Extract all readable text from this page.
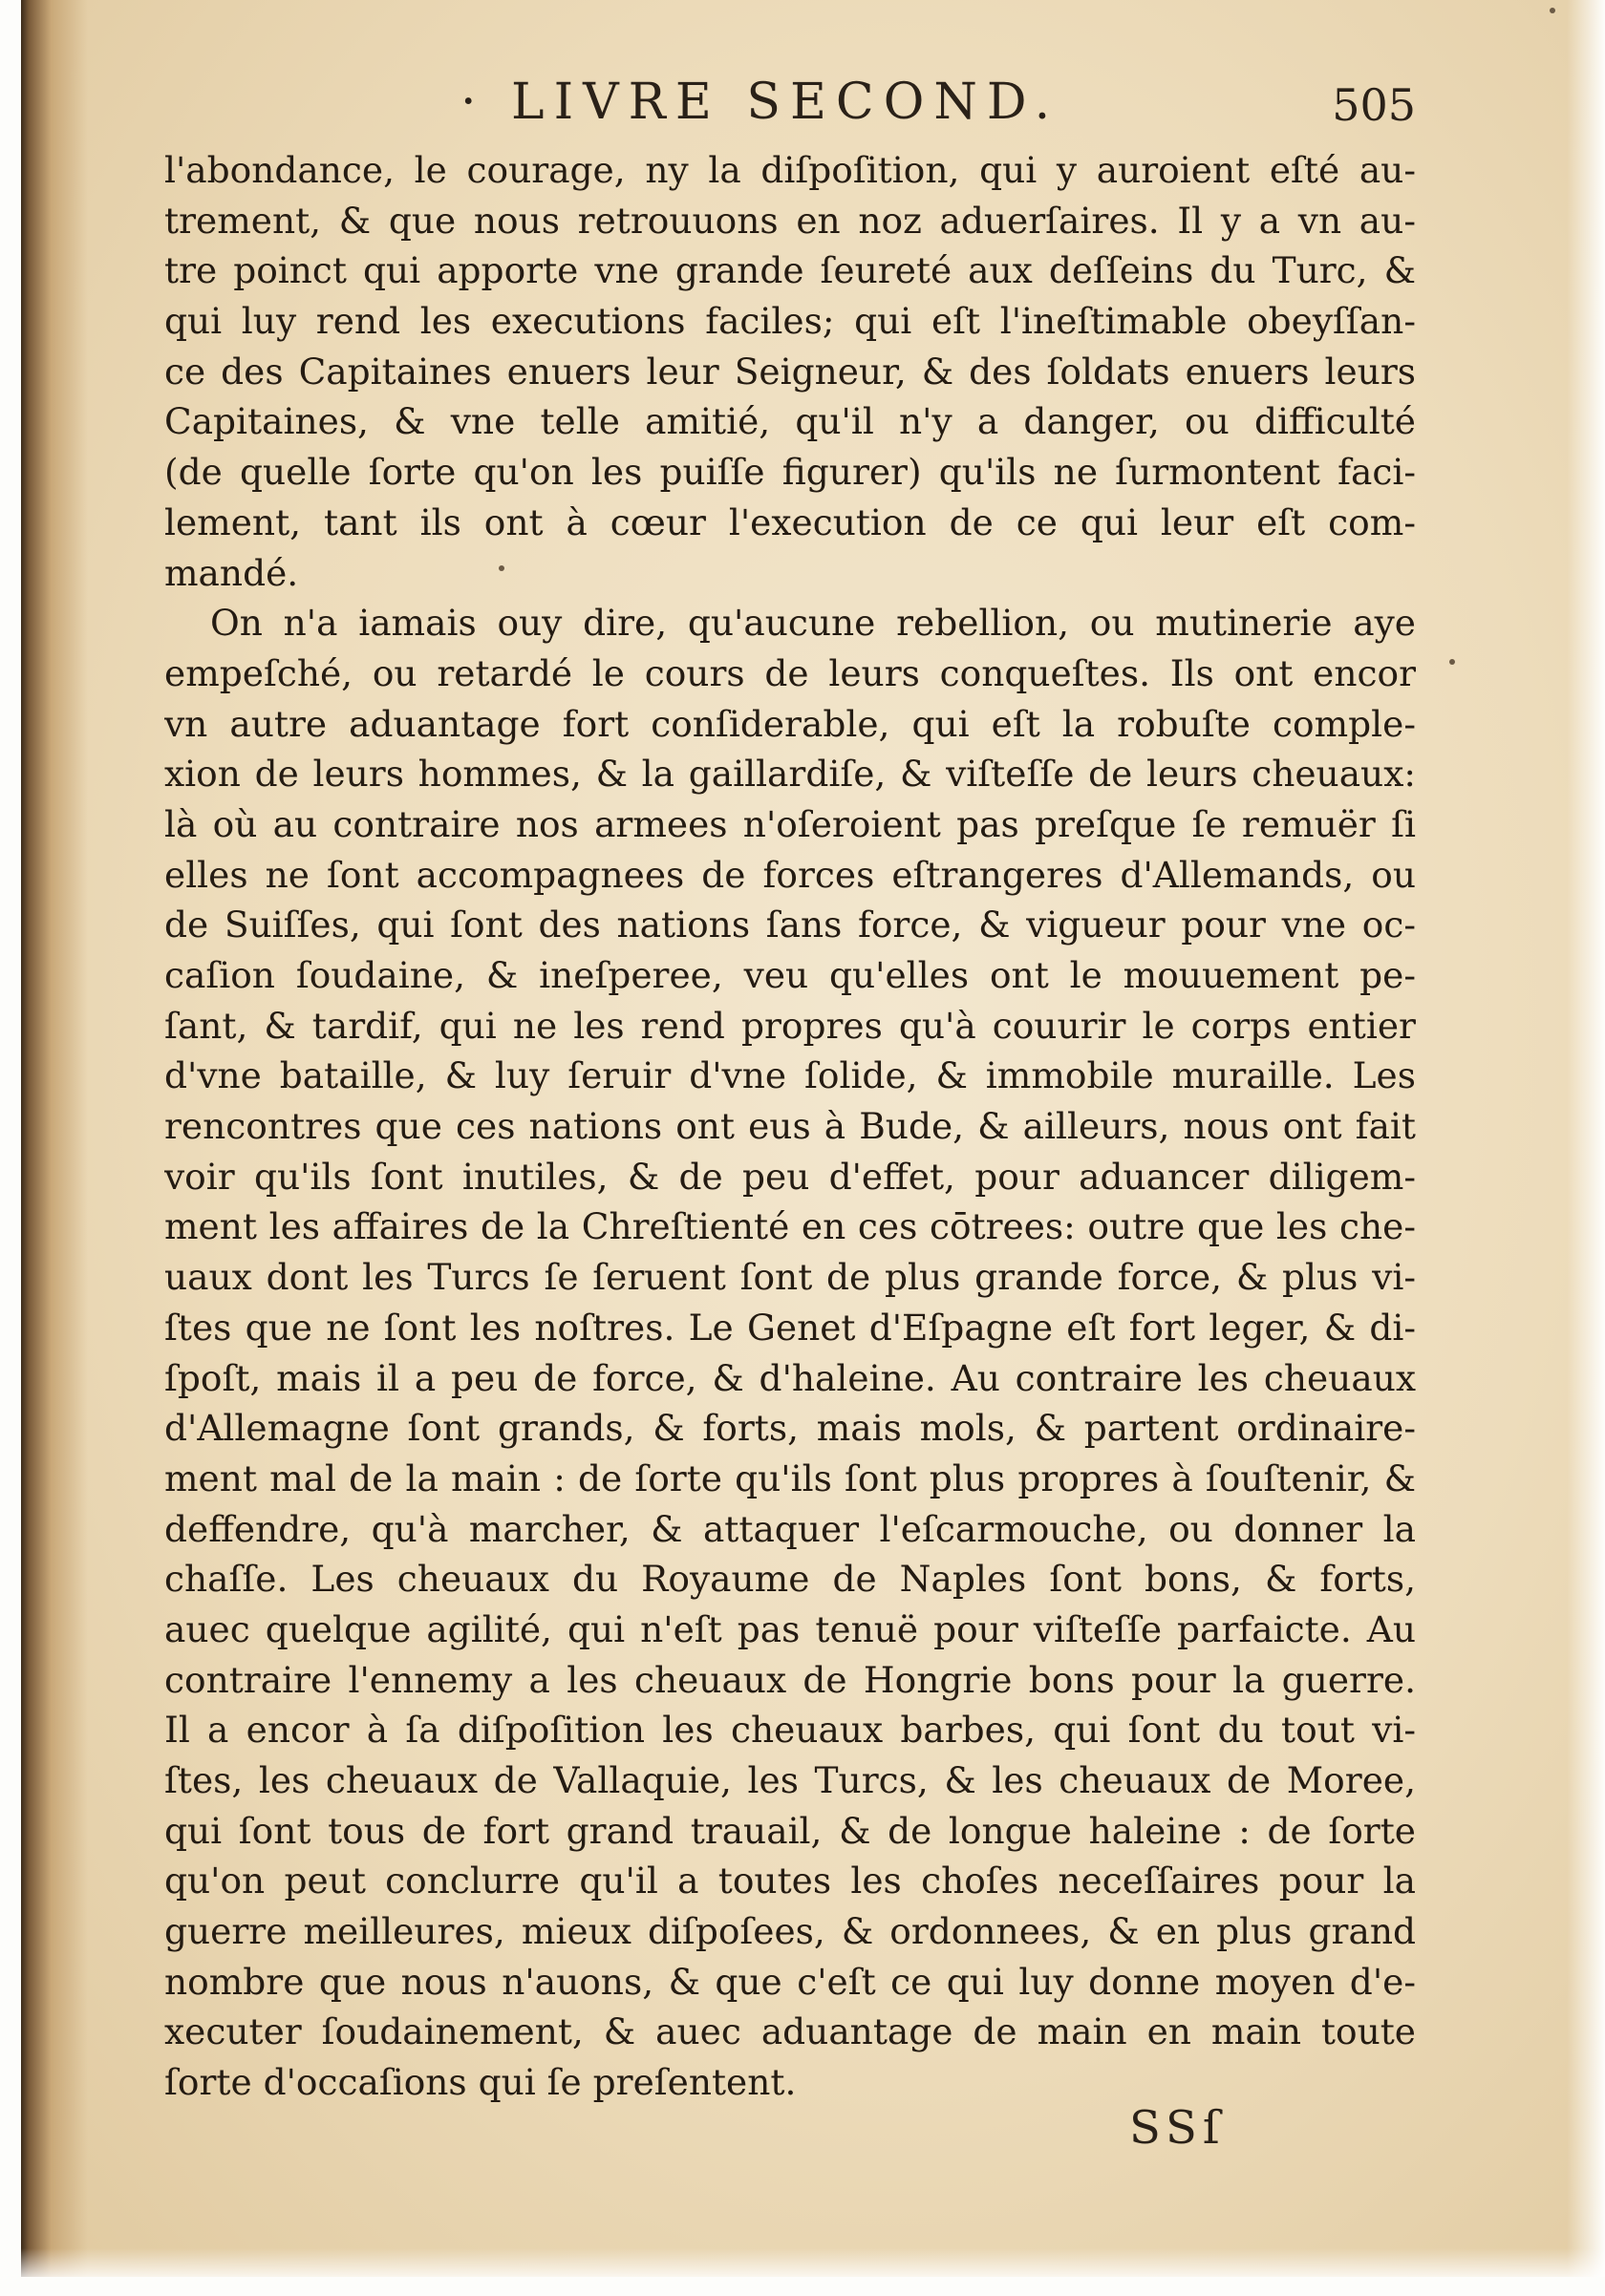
· LIVRE SECOND.	505
l'abondance, le courage, ny la diſpoſition, qui y auroient eſté au-
trement, & que nous retrouuons en noz aduerſaires. Il y a vn au-
tre poinct qui apporte vne grande ſeureté aux deſſeins du Turc, &
qui luy rend les executions faciles; qui eſt l'ineſtimable obeyſſan-
ce des Capitaines enuers leur Seigneur, & des ſoldats enuers leurs
Capitaines, & vne telle amitié, qu'il n'y a danger, ou difficulté
(de quelle ſorte qu'on les puiſſe figurer) qu'ils ne ſurmontent faci-
lement, tant ils ont à cœur l'execution de ce qui leur eſt com-
mandé.
On n'a iamais ouy dire, qu'aucune rebellion, ou mutinerie aye
empeſché, ou retardé le cours de leurs conqueſtes. Ils ont encor
vn autre aduantage fort conſiderable, qui eſt la robuſte comple-
xion de leurs hommes, & la gaillardiſe, & viſteſſe de leurs cheuaux:
là où au contraire nos armees n'oſeroient pas preſque ſe remuër ſi
elles ne ſont accompagnees de forces eſtrangeres d'Allemands, ou
de Suiſſes, qui ſont des nations ſans force, & vigueur pour vne oc-
caſion ſoudaine, & ineſperee, veu qu'elles ont le mouuement pe-
ſant, & tardif, qui ne les rend propres qu'à couurir le corps entier
d'vne bataille, & luy ſeruir d'vne ſolide, & immobile muraille. Les
rencontres que ces nations ont eus à Bude, & ailleurs, nous ont fait
voir qu'ils ſont inutiles, & de peu d'effet, pour aduancer diligem-
ment les affaires de la Chreſtienté en ces cōtrees: outre que les che-
uaux dont les Turcs ſe ſeruent ſont de plus grande force, & plus vi-
ſtes que ne ſont les noſtres. Le Genet d'Eſpagne eſt fort leger, & di-
ſpoſt, mais il a peu de force, & d'haleine. Au contraire les cheuaux
d'Allemagne ſont grands, & forts, mais mols, & partent ordinaire-
ment mal de la main : de ſorte qu'ils ſont plus propres à ſouſtenir, &
deffendre, qu'à marcher, & attaquer l'eſcarmouche, ou donner la
chaſſe. Les cheuaux du Royaume de Naples ſont bons, & forts,
auec quelque agilité, qui n'eſt pas tenuë pour viſteſſe parfaicte. Au
contraire l'ennemy a les cheuaux de Hongrie bons pour la guerre.
Il a encor à ſa diſpoſition les cheuaux barbes, qui ſont du tout vi-
ſtes, les cheuaux de Vallaquie, les Turcs, & les cheuaux de Moree,
qui ſont tous de fort grand trauail, & de longue haleine : de ſorte
qu'on peut conclurre qu'il a toutes les choſes neceſſaires pour la
guerre meilleures, mieux diſpoſees, & ordonnees, & en plus grand
nombre que nous n'auons, & que c'eſt ce qui luy donne moyen d'e-
xecuter ſoudainement, & auec aduantage de main en main toute
ſorte d'occaſions qui ſe preſentent.
SSſ
